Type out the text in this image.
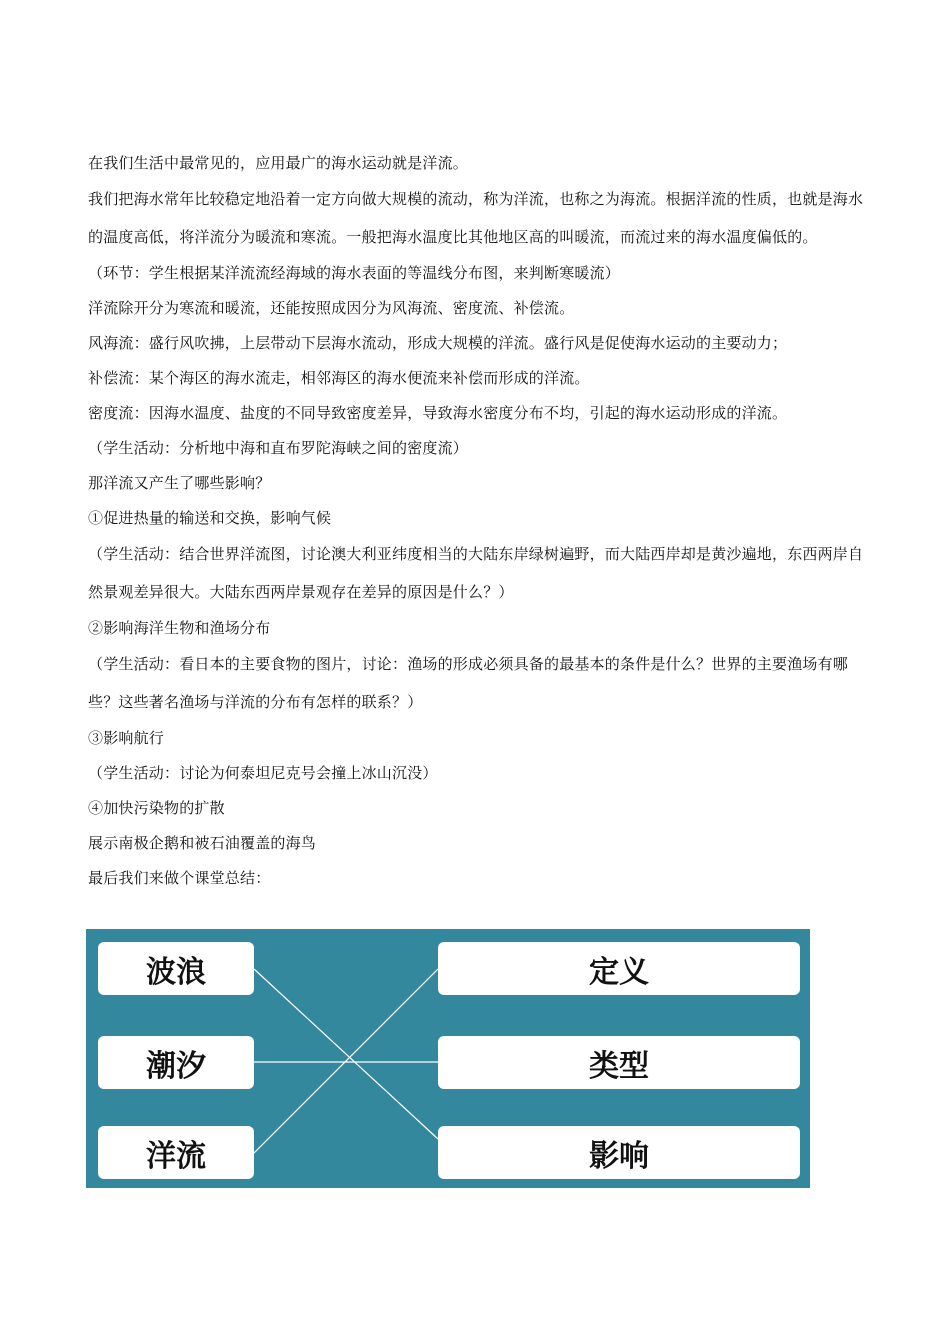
在我们生活中最常见的，应用最广的海水运动就是洋流。
我们把海水常年比较稳定地沿着一定方向做大规模的流动，称为洋流，也称之为海流。根据洋流的性质，也就是海水的温度高低，将洋流分为暖流和寒流。一般把海水温度比其他地区高的叫暖流，而流过来的海水温度偏低的。
（环节：学生根据某洋流流经海域的海水表面的等温线分布图，来判断寒暖流）
洋流除开分为寒流和暖流，还能按照成因分为风海流、密度流、补偿流。
风海流：盛行风吹拂，上层带动下层海水流动，形成大规模的洋流。盛行风是促使海水运动的主要动力；
补偿流：某个海区的海水流走，相邻海区的海水便流来补偿而形成的洋流。
密度流：因海水温度、盐度的不同导致密度差异，导致海水密度分布不均，引起的海水运动形成的洋流。
（学生活动：分析地中海和直布罗陀海峡之间的密度流）
那洋流又产生了哪些影响？
①促进热量的输送和交换，影响气候
（学生活动：结合世界洋流图，讨论澳大利亚纬度相当的大陆东岸绿树遍野，而大陆西岸却是黄沙遍地，东西两岸自然景观差异很大。大陆东西两岸景观存在差异的原因是什么？）
②影响海洋生物和渔场分布
（学生活动：看日本的主要食物的图片，讨论：渔场的形成必须具备的最基本的条件是什么？世界的主要渔场有哪些？这些著名渔场与洋流的分布有怎样的联系？）
③影响航行
（学生活动：讨论为何泰坦尼克号会撞上冰山沉没）
④加快污染物的扩散
展示南极企鹅和被石油覆盖的海鸟
最后我们来做个课堂总结：
波浪
潮汐
洋流
定义
类型
影响
